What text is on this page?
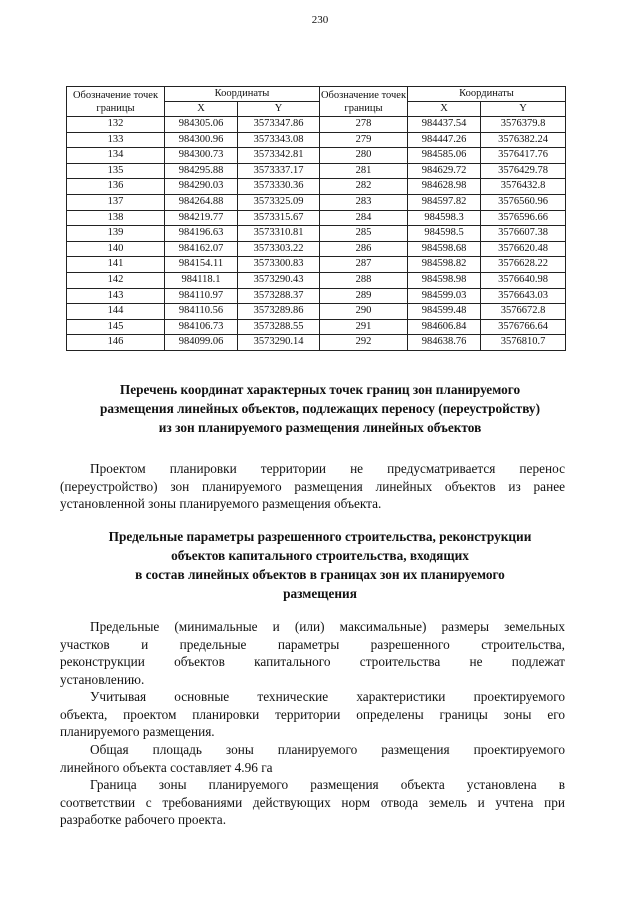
230
Обозначение точек границы	Координаты		Обозначение точек границы	Координаты	
	X	Y		X	Y
132	984305.06	3573347.86	278	984437.54	3576379.8
133	984300.96	3573343.08	279	984447.26	3576382.24
134	984300.73	3573342.81	280	984585.06	3576417.76
135	984295.88	3573337.17	281	984629.72	3576429.78
136	984290.03	3573330.36	282	984628.98	3576432.8
137	984264.88	3573325.09	283	984597.82	3576560.96
138	984219.77	3573315.67	284	984598.3	3576596.66
139	984196.63	3573310.81	285	984598.5	3576607.38
140	984162.07	3573303.22	286	984598.68	3576620.48
141	984154.11	3573300.83	287	984598.82	3576628.22
142	984118.1	3573290.43	288	984598.98	3576640.98
143	984110.97	3573288.37	289	984599.03	3576643.03
144	984110.56	3573289.86	290	984599.48	3576672.8
145	984106.73	3573288.55	291	984606.84	3576766.64
146	984099.06	3573290.14	292	984638.76	3576810.7
Перечень координат характерных точек границ зон планируемого
размещения линейных объектов, подлежащих переносу (переустройству)
из зон планируемого размещения линейных объектов
Проектом планировки территории не предусматривается перенос
(переустройство) зон планируемого размещения линейных объектов из ранее
установленной зоны планируемого размещения объекта.
Предельные параметры разрешенного строительства, реконструкции
объектов капитального строительства, входящих
в состав линейных объектов в границах зон их планируемого
размещения
Предельные (минимальные и (или) максимальные) размеры земельных
участков и предельные параметры разрешенного строительства,
реконструкции объектов капитального строительства не подлежат
установлению.
Учитывая основные технические характеристики проектируемого
объекта, проектом планировки территории определены границы зоны его
планируемого размещения.
Общая площадь зоны планируемого размещения проектируемого
линейного объекта составляет 4.96 га
Граница зоны планируемого размещения объекта установлена в
соответствии с требованиями действующих норм отвода земель и учтена при
разработке рабочего проекта.
